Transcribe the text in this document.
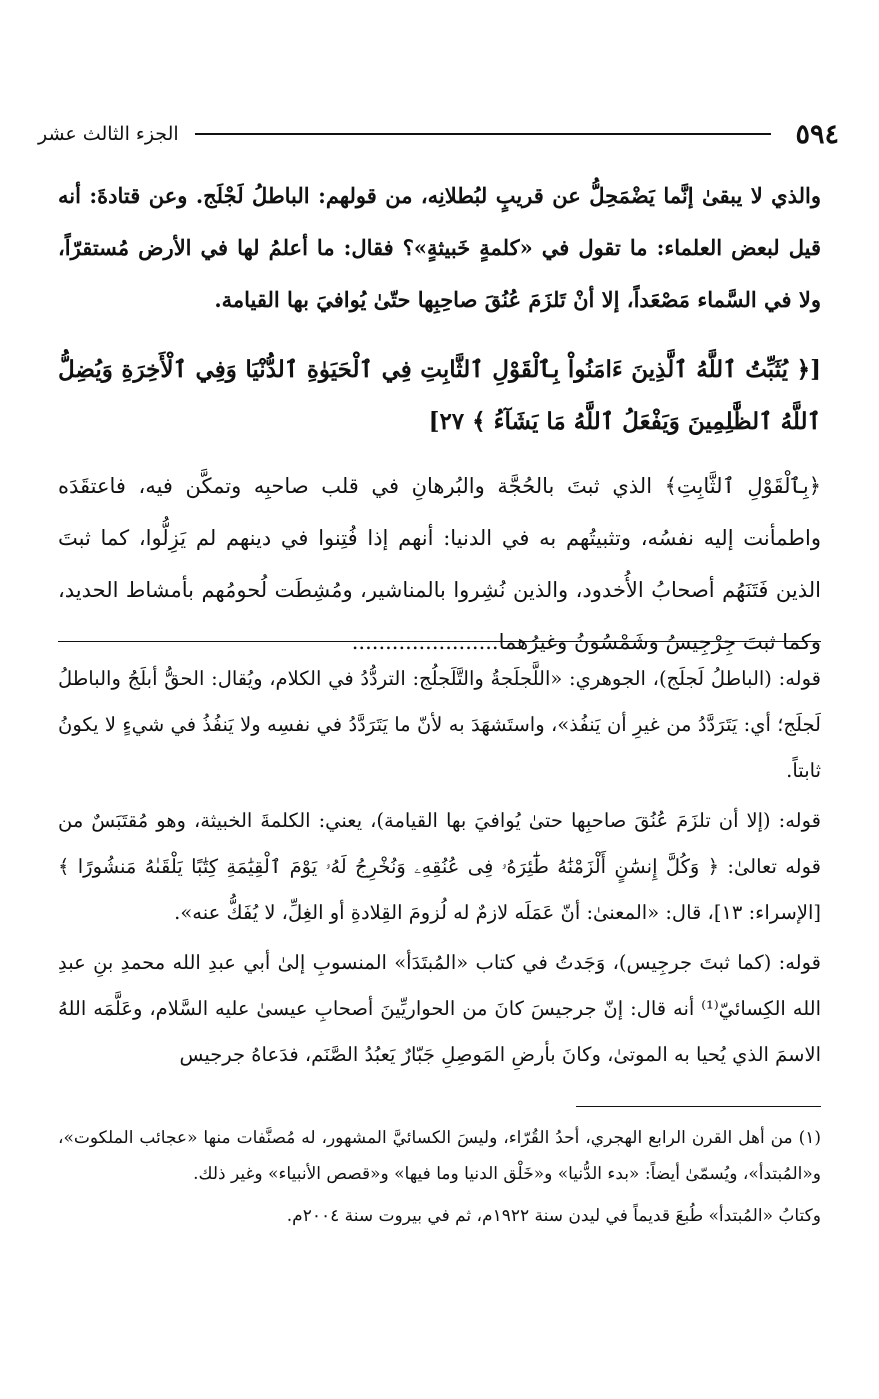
٥٩٤
الجزء الثالث عشر

والذي لا يبقىٰ إنَّما يَضْمَحِلُّ عن قريبٍ لبُطلانِه، من قولهم: الباطلُ لَجْلَج. وعن قتادةَ: أنه قيل لبعض العلماء: ما تقول في «كلمةٍ خَبيثةٍ»؟ فقال: ما أعلمُ لها في الأرض مُستقرّاً، ولا في السَّماء مَصْعَداً، إلا أنْ تَلزَمَ عُنُقَ صاحِبِها حتّىٰ يُوافيَ بها القيامة.

[﴿ يُثَبِّتُ ٱللَّهُ ٱلَّذِينَ ءَامَنُواْ بِٱلْقَوْلِ ٱلثَّابِتِ فِي ٱلْحَيَوٰةِ ٱلدُّنْيَا وَفِي ٱلْأَخِرَةِ وَيُضِلُّ ٱللَّهُ ٱلظَّٰلِمِينَ وَيَفْعَلُ ٱللَّهُ مَا يَشَآءُ ﴾ ٢٧]

﴿بِٱلْقَوْلِ ٱلثَّابِتِ﴾ الذي ثبتَ بالحُجَّة والبُرهانِ في قلب صاحبِه وتمكَّن فيه، فاعتقَدَه واطمأنت إليه نفسُه، وتثبيتُهم به في الدنيا: أنهم إذا فُتِنوا في دينهم لم يَزِلُّوا، كما ثبتَ الذين فَتَنَهُم أصحابُ الأُخدود، والذين نُشِروا بالمناشير، ومُشِطَت لُحومُهم بأمشاط الحديد، وكما ثبتَ جِرْجِيسُ وشَمْسُونُ وغيرُهما......................

قوله: (الباطلُ لَجلَج)، الجوهري: «اللَّجلَجةُ والتَّلَجلُج: التردُّدُ في الكلام، ويُقال: الحقُّ أبلَجُ والباطلُ لَجلَج؛ أي: يَتَرَدَّدُ من غيرِ أن يَنفُذ»، واستَشهَدَ به لأنّ ما يَتَرَدَّدُ في نفسِه ولا يَنفُذُ في شيءٍ لا يكونُ ثابتاً.

قوله: (إلا أن تلزَمَ عُنُقَ صاحبِها حتىٰ يُوافيَ بها القيامة)، يعني: الكلمةَ الخبيثة، وهو مُقتَبَسٌ من قوله تعالىٰ: ﴿ وَكُلَّ إِنسَٰنٍ أَلْزَمْنَٰهُ طَٰٓئِرَهُۥ فِى عُنُقِهِۦ وَنُخْرِجُ لَهُۥ يَوْمَ ٱلْقِيَٰمَةِ كِتَٰبًا يَلْقَىٰهُ مَنشُورًا ﴾ [الإسراء: ١٣]، قال: «المعنىٰ: أنّ عَمَلَه لازمٌ له لُزومَ القِلادةِ أو الغِلِّ، لا يُفَكُّ عنه».

قوله: (كما ثبتَ جرجِيس)، وَجَدتُ في كتاب «المُبتَدَأ» المنسوبِ إلىٰ أبي عبدِ الله محمدِ بنِ عبدِ الله الكِسائيّ⁽¹⁾ أنه قال: إنّ جرجيسَ كانَ من الحواريِّينَ أصحابِ عيسىٰ عليه السَّلام، وعَلَّمَه اللهُ الاسمَ الذي يُحيا به الموتىٰ، وكانَ بأرضِ المَوصِلِ جَبّارٌ يَعبُدُ الصَّنَم، فدَعاهُ جرجيس

(١) من أهل القرن الرابع الهجري، أحدُ القُرّاء، وليسَ الكسائيَّ المشهور، له مُصنَّفات منها «عجائب الملكوت»، و«المُبتدأ»، ويُسمّىٰ أيضاً: «بدء الدُّنيا» و«خَلْق الدنيا وما فيها» و«قصص الأنبياء» وغير ذلك.

وكتابُ «المُبتدأ» طُبعَ قديماً في ليدن سنة ١٩٢٢م، ثم في بيروت سنة ٢٠٠٤م.
